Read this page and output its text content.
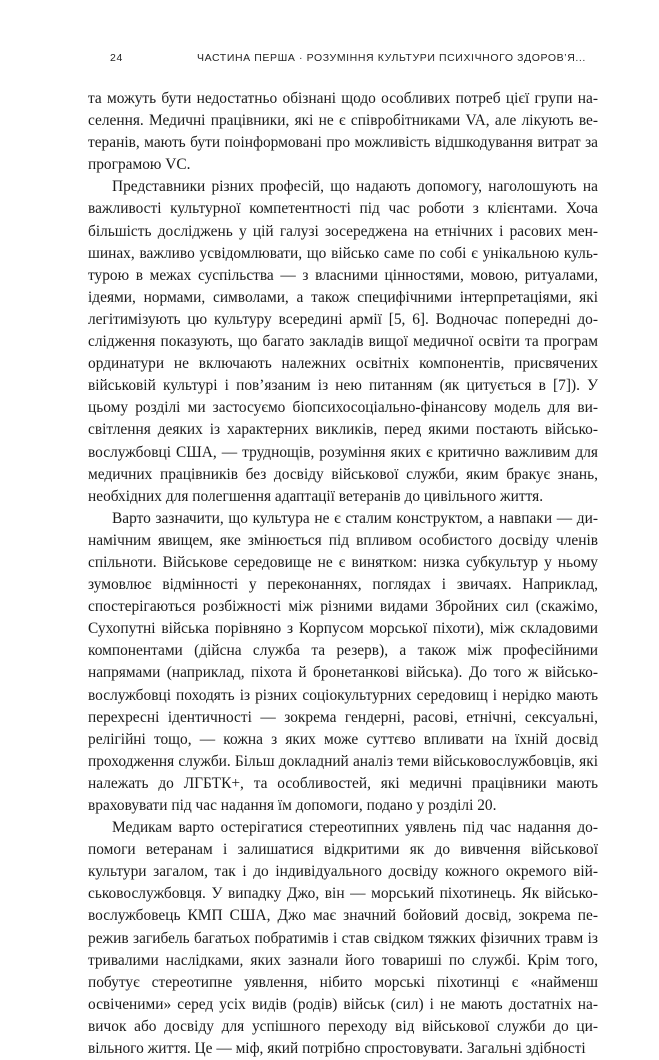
24	ЧАСТИНА ПЕРША · РОЗУМІННЯ КУЛЬТУРИ ПСИХІЧНОГО ЗДОРОВ’Я...

та можуть бути недостатньо обізнані щодо особливих потреб цієї групи населення. Медичні працівники, які не є співробітниками VA, але лікують ветеранів, мають бути поінформовані про можливість відшкодування витрат за програмою VC.

Представники різних професій, що надають допомогу, наголошують на важливості культурної компетентності під час роботи з клієнтами. Хоча більшість досліджень у цій галузі зосереджена на етнічних і расових меншинах, важливо усвідомлювати, що військо саме по собі є унікальною культурою в межах суспільства — з власними цінностями, мовою, ритуалами, ідеями, нормами, символами, а також специфічними інтерпретаціями, які легітимізують цю культуру всередині армії [5, 6]. Водночас попередні дослідження показують, що багато закладів вищої медичної освіти та програм ординатури не включають належних освітніх компонентів, присвячених військовій культурі і пов’язаним із нею питанням (як цитується в [7]). У цьому розділі ми застосуємо біопсихосоціально-фінансову модель для висвітлення деяких із характерних викликів, перед якими постають військовослужбовці США, — труднощів, розуміння яких є критично важливим для медичних працівників без досвіду військової служби, яким бракує знань, необхідних для полегшення адаптації ветеранів до цивільного життя.

Варто зазначити, що культура не є сталим конструктом, а навпаки — динамічним явищем, яке змінюється під впливом особистого досвіду членів спільноти. Військове середовище не є винятком: низка субкультур у ньому зумовлює відмінності у переконаннях, поглядах і звичаях. Наприклад, спостерігаються розбіжності між різними видами Збройних сил (скажімо, Сухопутні війська порівняно з Корпусом морської піхоти), між складовими компонентами (дійсна служба та резерв), а також між професійними напрямами (наприклад, піхота й бронетанкові війська). До того ж військовослужбовці походять із різних соціокультурних середовищ і нерідко мають перехресні ідентичності — зокрема гендерні, расові, етнічні, сексуальні, релігійні тощо, — кожна з яких може суттєво впливати на їхній досвід проходження служби. Більш докладний аналіз теми військовослужбовців, які належать до ЛГБТК+, та особливостей, які медичні працівники мають враховувати під час надання їм допомоги, подано у розділі 20.

Медикам варто остерігатися стереотипних уявлень під час надання допомоги ветеранам і залишатися відкритими як до вивчення військової культури загалом, так і до індивідуального досвіду кожного окремого військовослужбовця. У випадку Джо, він — морський піхотинець. Як військовослужбовець КМП США, Джо має значний бойовий досвід, зокрема пережив загибель багатьох побратимів і став свідком тяжких фізичних травм із тривалими наслідками, яких зазнали його товариші по службі. Крім того, побутує стереотипне уявлення, нібито морські піхотинці є «найменш освіченими» серед усіх видів (родів) військ (сил) і не мають достатніх навичок або досвіду для успішного переходу від військової служби до цивільного життя. Це — міф, який потрібно спростовувати. Загальні здібності
